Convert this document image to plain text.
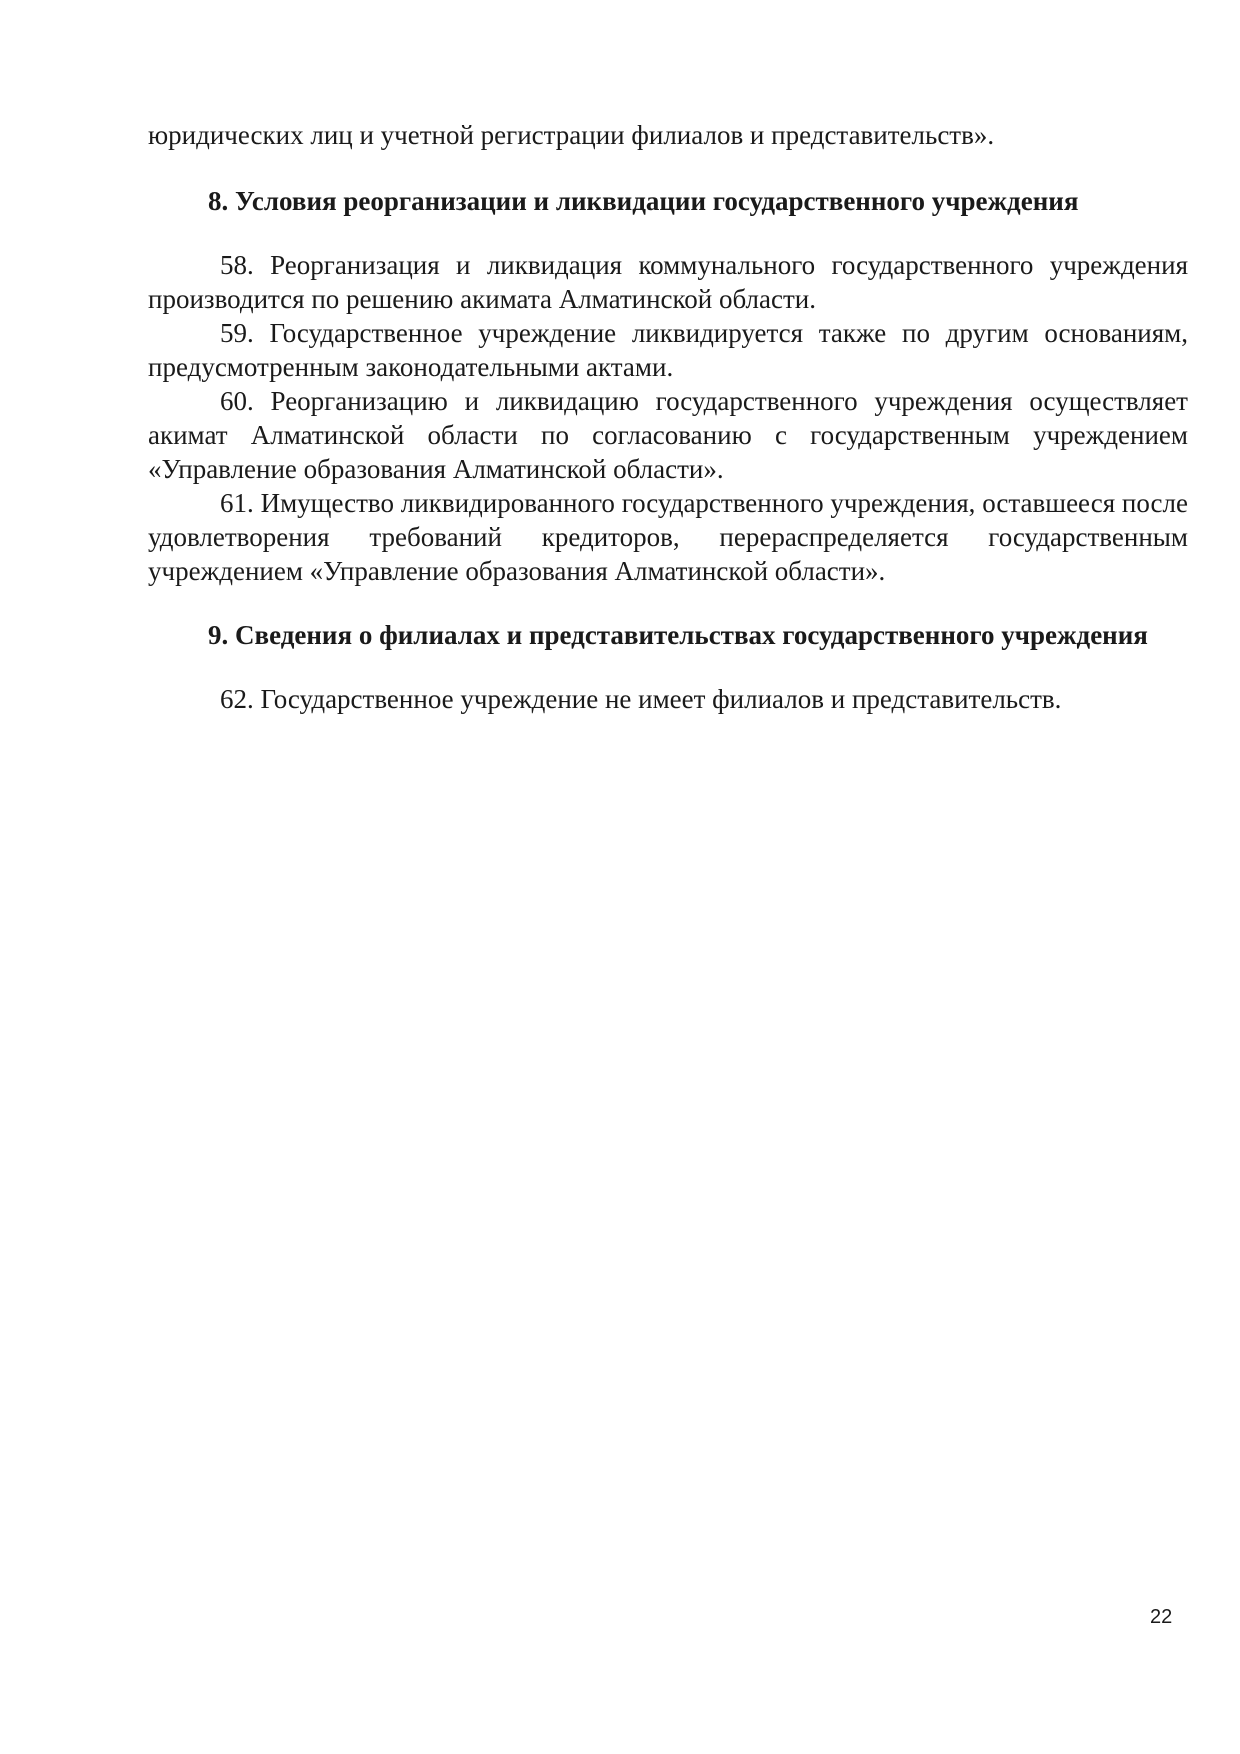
юридических лиц и учетной регистрации филиалов и представительств».

8. Условия реорганизации и ликвидации государственного учреждения

58. Реорганизация и ликвидация коммунального государственного учреждения производится по решению акимата Алматинской области.

59. Государственное учреждение ликвидируется также по другим основаниям, предусмотренным законодательными актами.

60. Реорганизацию и ликвидацию государственного учреждения осуществляет акимат Алматинской области по согласованию с государственным учреждением «Управление образования Алматинской области».

61. Имущество ликвидированного государственного учреждения, оставшееся после удовлетворения требований кредиторов, перераспределяется государственным учреждением «Управление образования Алматинской области».

9. Сведения о филиалах и представительствах государственного учреждения

62. Государственное учреждение не имеет филиалов и представительств.

22
